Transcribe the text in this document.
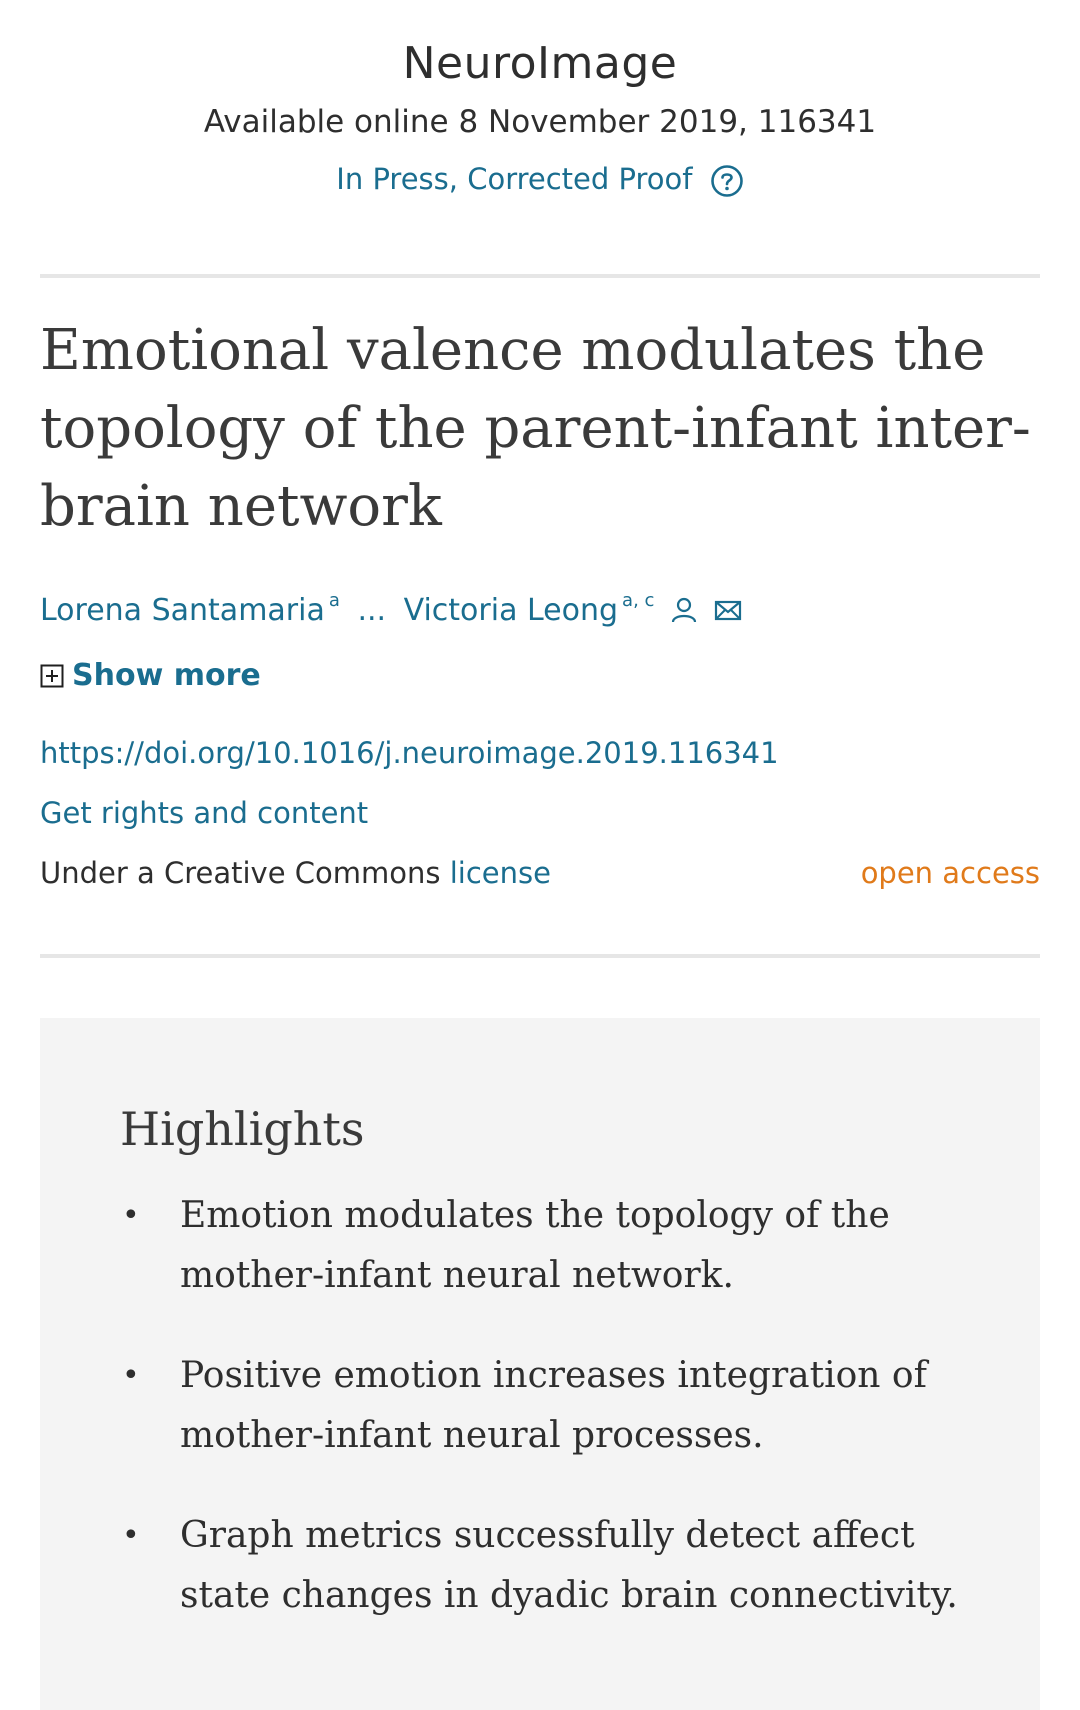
NeuroImage
Available online 8 November 2019, 116341
In Press, Corrected Proof
Emotional valence modulates the topology of the parent-infant inter-brain network
Lorena Santamaria $^a$ ... Victoria Leong $^{a, c}$
Show more
https://doi.org/10.1016/j.neuroimage.2019.116341
Get rights and content
Under a Creative Commons license	open access
Highlights
• Emotion modulates the topology of the mother-infant neural network.
• Positive emotion increases integration of mother-infant neural processes.
• Graph metrics successfully detect affect state changes in dyadic brain connectivity.
